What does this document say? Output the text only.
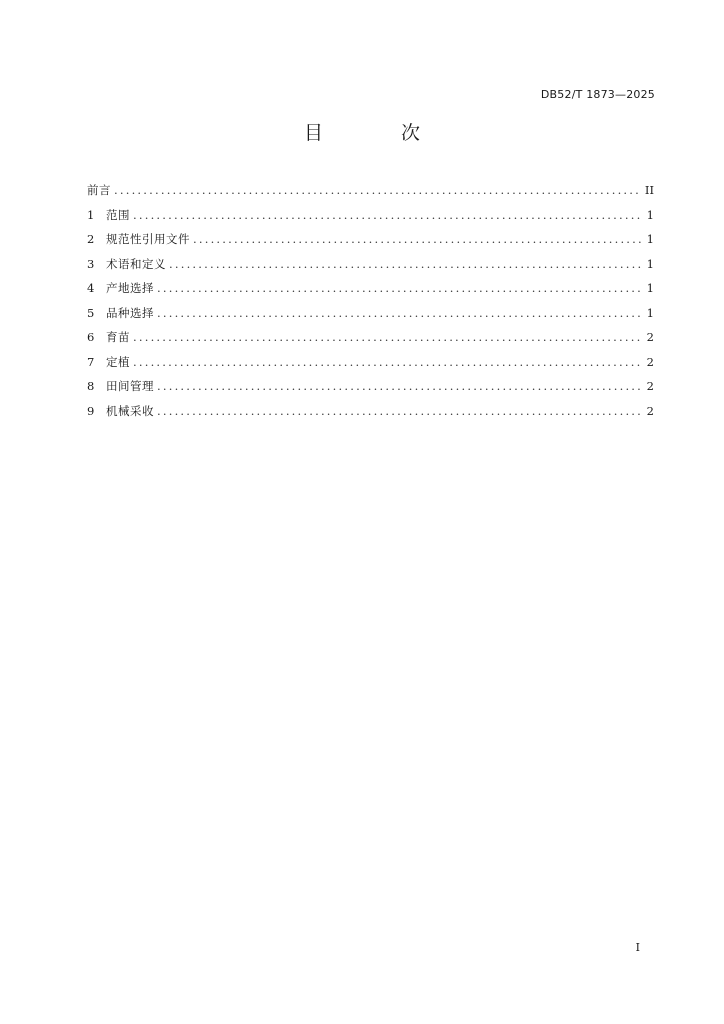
DB52/T 1873—2025
目 次
前言 .....	II
1	范围 .....	1
2	规范性引用文件 .....	1
3	术语和定义 .....	1
4	产地选择 .....	1
5	品种选择 .....	1
6	育苗 .....	2
7	定植 .....	2
8	田间管理 .....	2
9	机械采收 .....	2
I
